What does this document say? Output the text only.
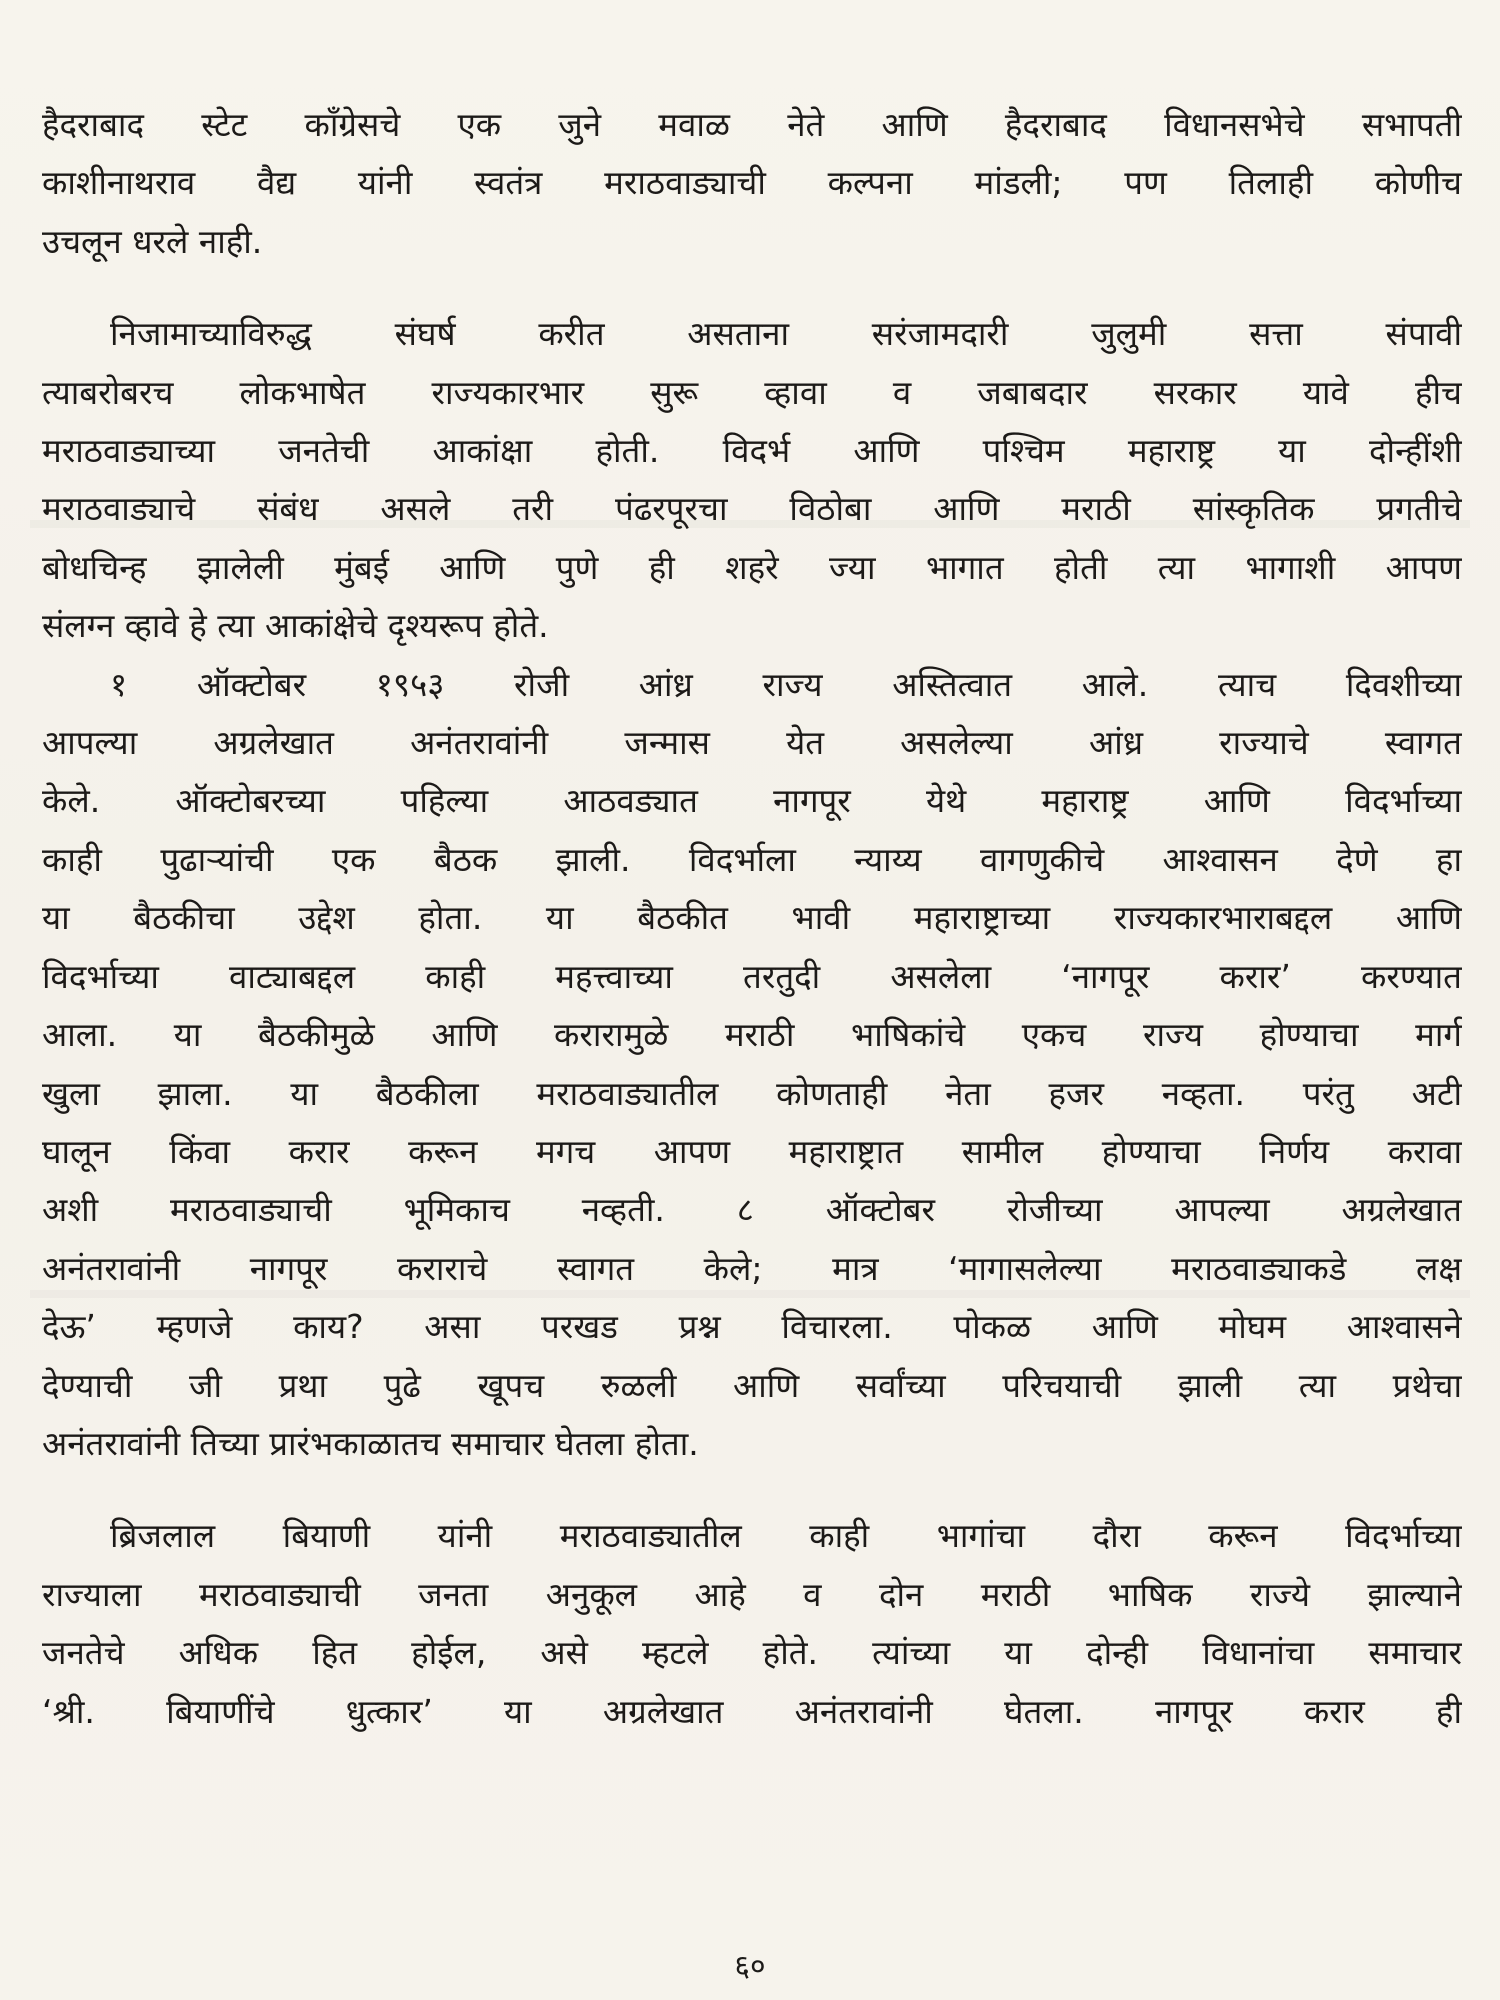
हैदराबाद स्टेट काँग्रेसचे एक जुने मवाळ नेते आणि हैदराबाद विधानसभेचे सभापती
काशीनाथराव वैद्य यांनी स्वतंत्र मराठवाड्याची कल्पना मांडली; पण तिलाही कोणीच
उचलून धरले नाही.

निजामाच्याविरुद्ध संघर्ष करीत असताना सरंजामदारी जुलुमी सत्ता संपावी
त्याबरोबरच लोकभाषेत राज्यकारभार सुरू व्हावा व जबाबदार सरकार यावे हीच
मराठवाड्याच्या जनतेची आकांक्षा होती. विदर्भ आणि पश्चिम महाराष्ट्र या दोन्हींशी
मराठवाड्याचे संबंध असले तरी पंढरपूरचा विठोबा आणि मराठी सांस्कृतिक प्रगतीचे
बोधचिन्ह झालेली मुंबई आणि पुणे ही शहरे ज्या भागात होती त्या भागाशी आपण
संलग्न व्हावे हे त्या आकांक्षेचे दृश्यरूप होते.

१ ऑक्टोबर १९५३ रोजी आंध्र राज्य अस्तित्वात आले. त्याच दिवशीच्या
आपल्या अग्रलेखात अनंतरावांनी जन्मास येत असलेल्या आंध्र राज्याचे स्वागत
केले. ऑक्टोबरच्या पहिल्या आठवड्यात नागपूर येथे महाराष्ट्र आणि विदर्भाच्या
काही पुढाऱ्यांची एक बैठक झाली. विदर्भाला न्याय्य वागणुकीचे आश्वासन देणे हा
या बैठकीचा उद्देश होता. या बैठकीत भावी महाराष्ट्राच्या राज्यकारभाराबद्दल आणि
विदर्भाच्या वाट्याबद्दल काही महत्त्वाच्या तरतुदी असलेला ‘नागपूर करार’ करण्यात
आला. या बैठकीमुळे आणि करारामुळे मराठी भाषिकांचे एकच राज्य होण्याचा मार्ग
खुला झाला. या बैठकीला मराठवाड्यातील कोणताही नेता हजर नव्हता. परंतु अटी
घालून किंवा करार करून मगच आपण महाराष्ट्रात सामील होण्याचा निर्णय करावा
अशी मराठवाड्याची भूमिकाच नव्हती. ८ ऑक्टोबर रोजीच्या आपल्या अग्रलेखात
अनंतरावांनी नागपूर कराराचे स्वागत केले; मात्र ‘मागासलेल्या मराठवाड्याकडे लक्ष
देऊ’ म्हणजे काय? असा परखड प्रश्न विचारला. पोकळ आणि मोघम आश्वासने
देण्याची जी प्रथा पुढे खूपच रुळली आणि सर्वांच्या परिचयाची झाली त्या प्रथेचा
अनंतरावांनी तिच्या प्रारंभकाळातच समाचार घेतला होता.

ब्रिजलाल बियाणी यांनी मराठवाड्यातील काही भागांचा दौरा करून विदर्भाच्या
राज्याला मराठवाड्याची जनता अनुकूल आहे व दोन मराठी भाषिक राज्ये झाल्याने
जनतेचे अधिक हित होईल, असे म्हटले होते. त्यांच्या या दोन्ही विधानांचा समाचार
‘श्री. बियाणींचे धुत्कार’ या अग्रलेखात अनंतरावांनी घेतला. नागपूर करार ही

६०
